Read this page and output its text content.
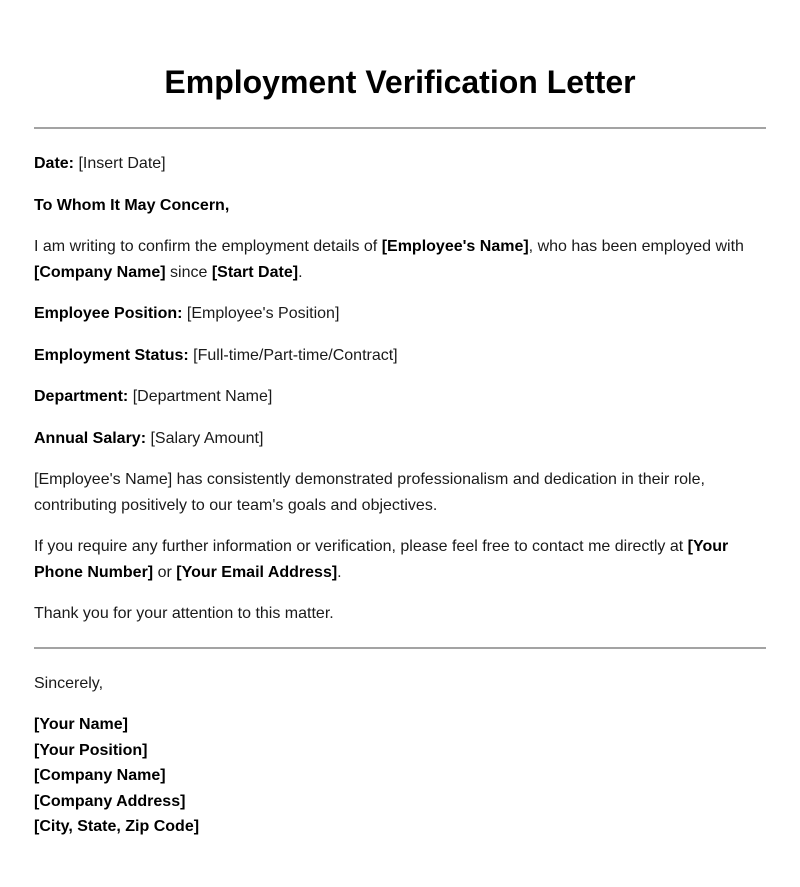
Employment Verification Letter

Date: [Insert Date]

To Whom It May Concern,

I am writing to confirm the employment details of [Employee's Name], who has been employed with [Company Name] since [Start Date].

Employee Position: [Employee's Position]

Employment Status: [Full-time/Part-time/Contract]

Department: [Department Name]

Annual Salary: [Salary Amount]

[Employee's Name] has consistently demonstrated professionalism and dedication in their role, contributing positively to our team's goals and objectives.

If you require any further information or verification, please feel free to contact me directly at [Your Phone Number] or [Your Email Address].

Thank you for your attention to this matter.

Sincerely,

[Your Name]
[Your Position]
[Company Name]
[Company Address]
[City, State, Zip Code]
